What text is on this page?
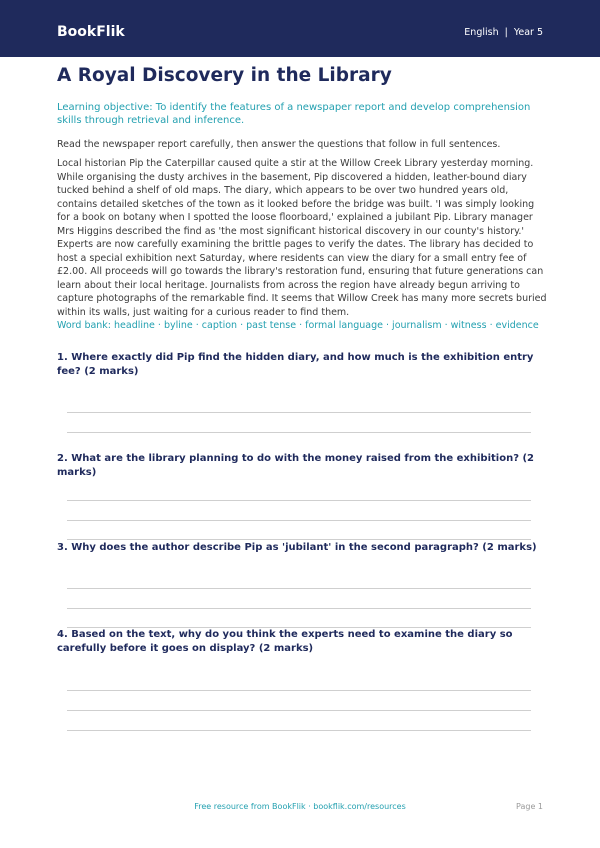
BookFlik	English | Year 5
A Royal Discovery in the Library

Learning objective: To identify the features of a newspaper report and develop comprehension skills through retrieval and inference.

Read the newspaper report carefully, then answer the questions that follow in full sentences.

Local historian Pip the Caterpillar caused quite a stir at the Willow Creek Library yesterday morning. While organising the dusty archives in the basement, Pip discovered a hidden, leather-bound diary tucked behind a shelf of old maps. The diary, which appears to be over two hundred years old, contains detailed sketches of the town as it looked before the bridge was built. 'I was simply looking for a book on botany when I spotted the loose floorboard,' explained a jubilant Pip. Library manager Mrs Higgins described the find as 'the most significant historical discovery in our county's history.' Experts are now carefully examining the brittle pages to verify the dates. The library has decided to host a special exhibition next Saturday, where residents can view the diary for a small entry fee of £2.00. All proceeds will go towards the library's restoration fund, ensuring that future generations can learn about their local heritage. Journalists from across the region have already begun arriving to capture photographs of the remarkable find. It seems that Willow Creek has many more secrets buried within its walls, just waiting for a curious reader to find them.

Word bank: headline · byline · caption · past tense · formal language · journalism · witness · evidence

1. Where exactly did Pip find the hidden diary, and how much is the exhibition entry fee? (2 marks)

2. What are the library planning to do with the money raised from the exhibition? (2 marks)

3. Why does the author describe Pip as 'jubilant' in the second paragraph? (2 marks)

4. Based on the text, why do you think the experts need to examine the diary so carefully before it goes on display? (2 marks)

Free resource from BookFlik · bookflik.com/resources	Page 1
